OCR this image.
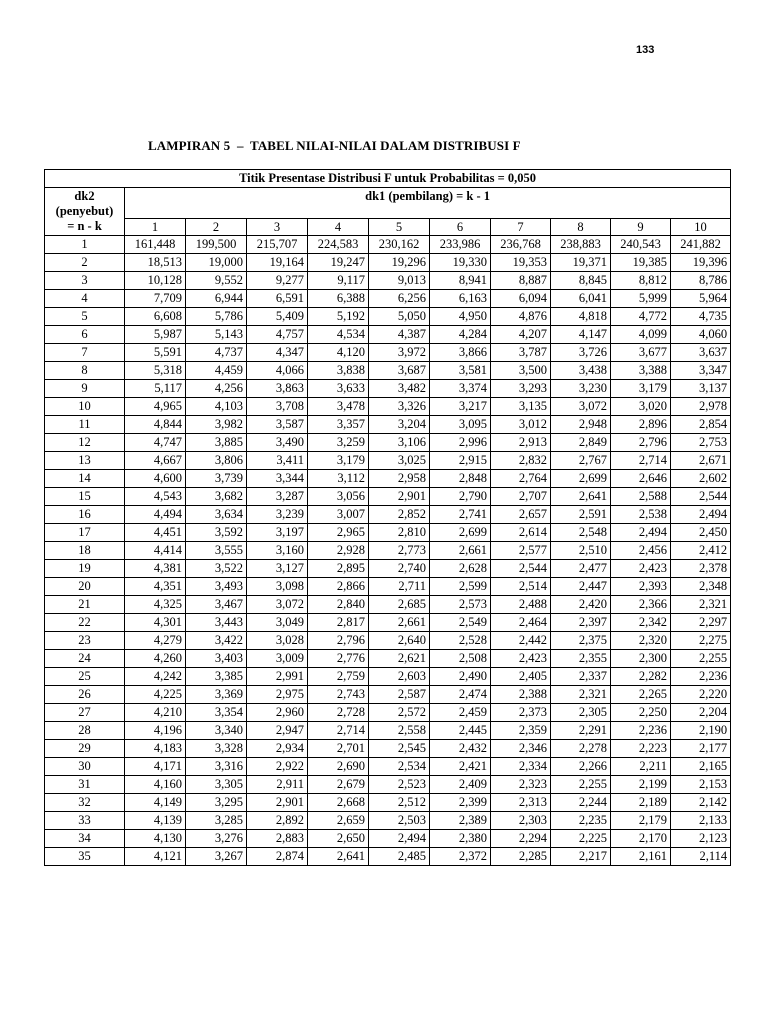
133
LAMPIRAN 5  –  TABEL NILAI-NILAI DALAM DISTRIBUSI F
Titik Presentase Distribusi F untuk Probabilitas = 0,050										

dk2
(penyebut)
= n - k	dk1 (pembilang) = k - 1									
	1	2	3	4	5	6	7	8	9	10
1	161,448	199,500	215,707	224,583	230,162	233,986	236,768	238,883	240,543	241,882
2	18,513	19,000	19,164	19,247	19,296	19,330	19,353	19,371	19,385	19,396
3	10,128	9,552	9,277	9,117	9,013	8,941	8,887	8,845	8,812	8,786
4	7,709	6,944	6,591	6,388	6,256	6,163	6,094	6,041	5,999	5,964
5	6,608	5,786	5,409	5,192	5,050	4,950	4,876	4,818	4,772	4,735
6	5,987	5,143	4,757	4,534	4,387	4,284	4,207	4,147	4,099	4,060
7	5,591	4,737	4,347	4,120	3,972	3,866	3,787	3,726	3,677	3,637
8	5,318	4,459	4,066	3,838	3,687	3,581	3,500	3,438	3,388	3,347
9	5,117	4,256	3,863	3,633	3,482	3,374	3,293	3,230	3,179	3,137
10	4,965	4,103	3,708	3,478	3,326	3,217	3,135	3,072	3,020	2,978
11	4,844	3,982	3,587	3,357	3,204	3,095	3,012	2,948	2,896	2,854
12	4,747	3,885	3,490	3,259	3,106	2,996	2,913	2,849	2,796	2,753
13	4,667	3,806	3,411	3,179	3,025	2,915	2,832	2,767	2,714	2,671
14	4,600	3,739	3,344	3,112	2,958	2,848	2,764	2,699	2,646	2,602
15	4,543	3,682	3,287	3,056	2,901	2,790	2,707	2,641	2,588	2,544
16	4,494	3,634	3,239	3,007	2,852	2,741	2,657	2,591	2,538	2,494
17	4,451	3,592	3,197	2,965	2,810	2,699	2,614	2,548	2,494	2,450
18	4,414	3,555	3,160	2,928	2,773	2,661	2,577	2,510	2,456	2,412
19	4,381	3,522	3,127	2,895	2,740	2,628	2,544	2,477	2,423	2,378
20	4,351	3,493	3,098	2,866	2,711	2,599	2,514	2,447	2,393	2,348
21	4,325	3,467	3,072	2,840	2,685	2,573	2,488	2,420	2,366	2,321
22	4,301	3,443	3,049	2,817	2,661	2,549	2,464	2,397	2,342	2,297
23	4,279	3,422	3,028	2,796	2,640	2,528	2,442	2,375	2,320	2,275
24	4,260	3,403	3,009	2,776	2,621	2,508	2,423	2,355	2,300	2,255
25	4,242	3,385	2,991	2,759	2,603	2,490	2,405	2,337	2,282	2,236
26	4,225	3,369	2,975	2,743	2,587	2,474	2,388	2,321	2,265	2,220
27	4,210	3,354	2,960	2,728	2,572	2,459	2,373	2,305	2,250	2,204
28	4,196	3,340	2,947	2,714	2,558	2,445	2,359	2,291	2,236	2,190
29	4,183	3,328	2,934	2,701	2,545	2,432	2,346	2,278	2,223	2,177
30	4,171	3,316	2,922	2,690	2,534	2,421	2,334	2,266	2,211	2,165
31	4,160	3,305	2,911	2,679	2,523	2,409	2,323	2,255	2,199	2,153
32	4,149	3,295	2,901	2,668	2,512	2,399	2,313	2,244	2,189	2,142
33	4,139	3,285	2,892	2,659	2,503	2,389	2,303	2,235	2,179	2,133
34	4,130	3,276	2,883	2,650	2,494	2,380	2,294	2,225	2,170	2,123
35	4,121	3,267	2,874	2,641	2,485	2,372	2,285	2,217	2,161	2,114
